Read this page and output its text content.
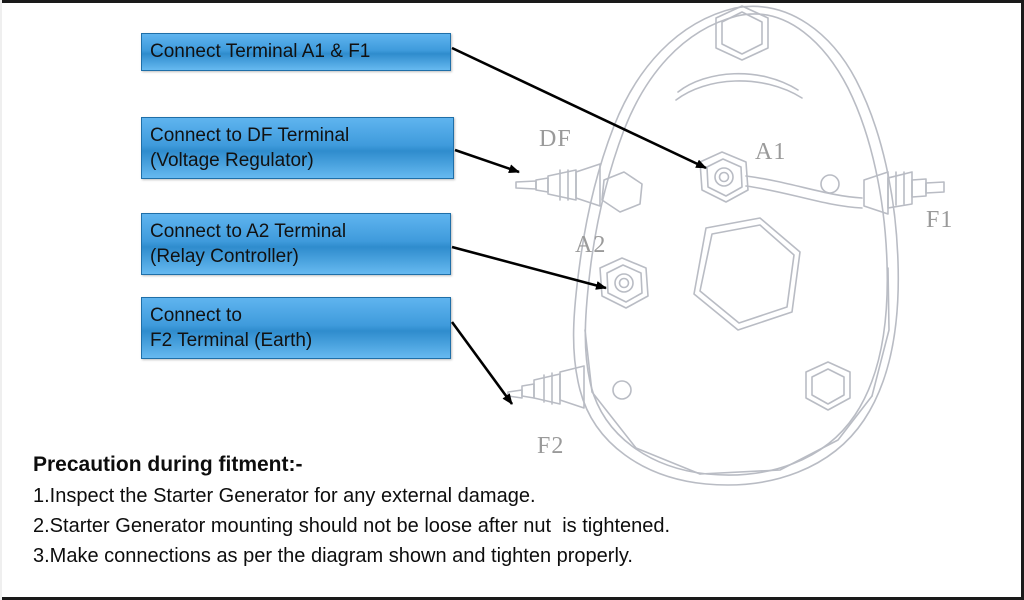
DF	A1
F1
A2
F2
Connect Terminal A1 & F1
Connect to DF Terminal
(Voltage Regulator)
Connect to A2 Terminal
(Relay Controller)
Connect to
F2 Terminal (Earth)
Precaution during fitment:-
1.Inspect the Starter Generator for any external damage.
2.Starter Generator mounting should not be loose after nut  is tightened.
3.Make connections as per the diagram shown and tighten properly.
